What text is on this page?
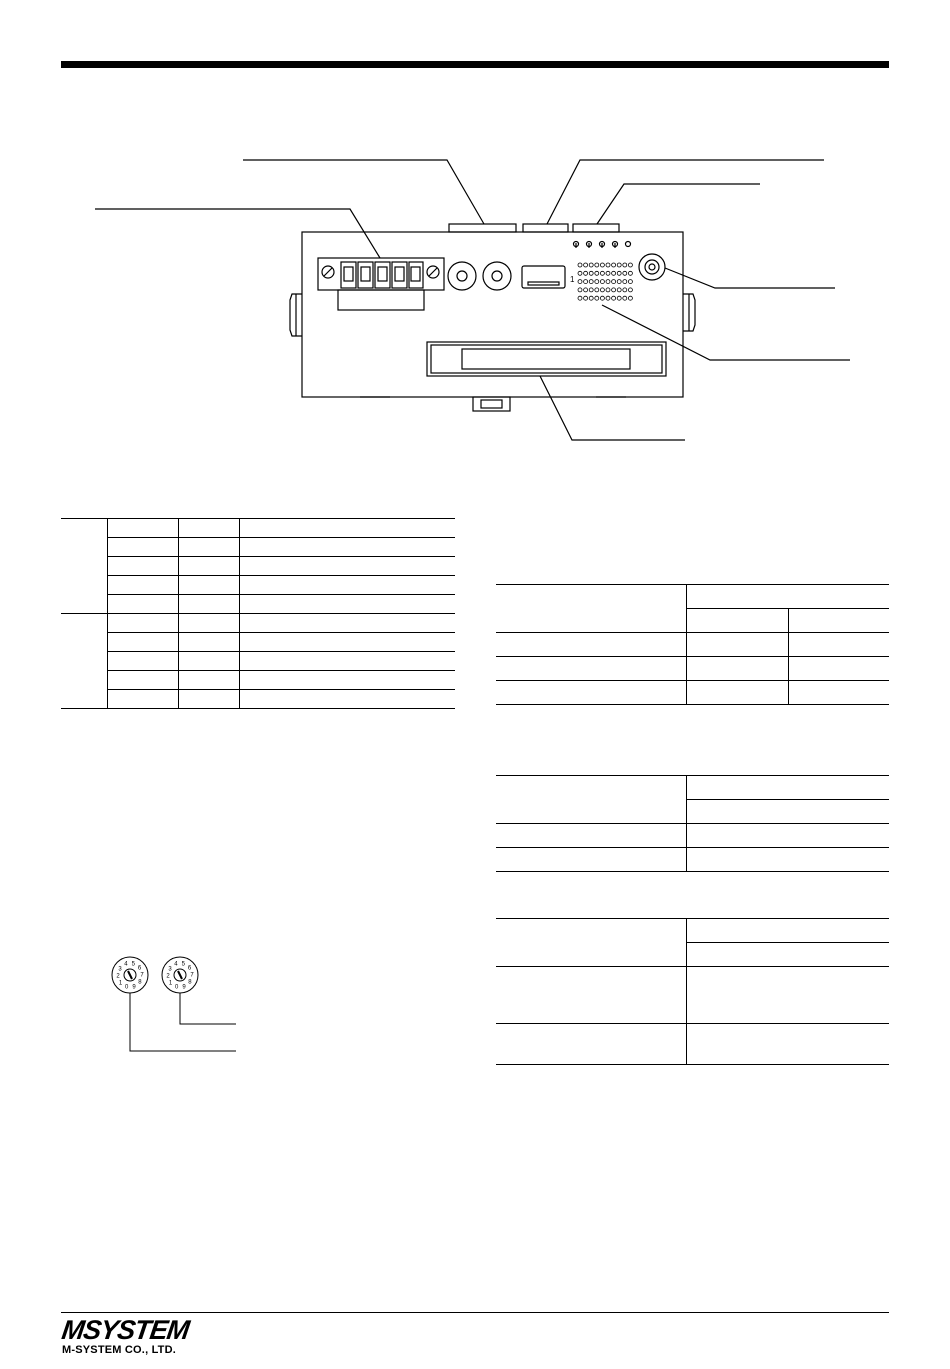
1

4 5
6
7
8
9
0
1
2
3
4 5
6
7
8
9
0
1
2
3
MSYSTEM
M-SYSTEM CO., LTD.
